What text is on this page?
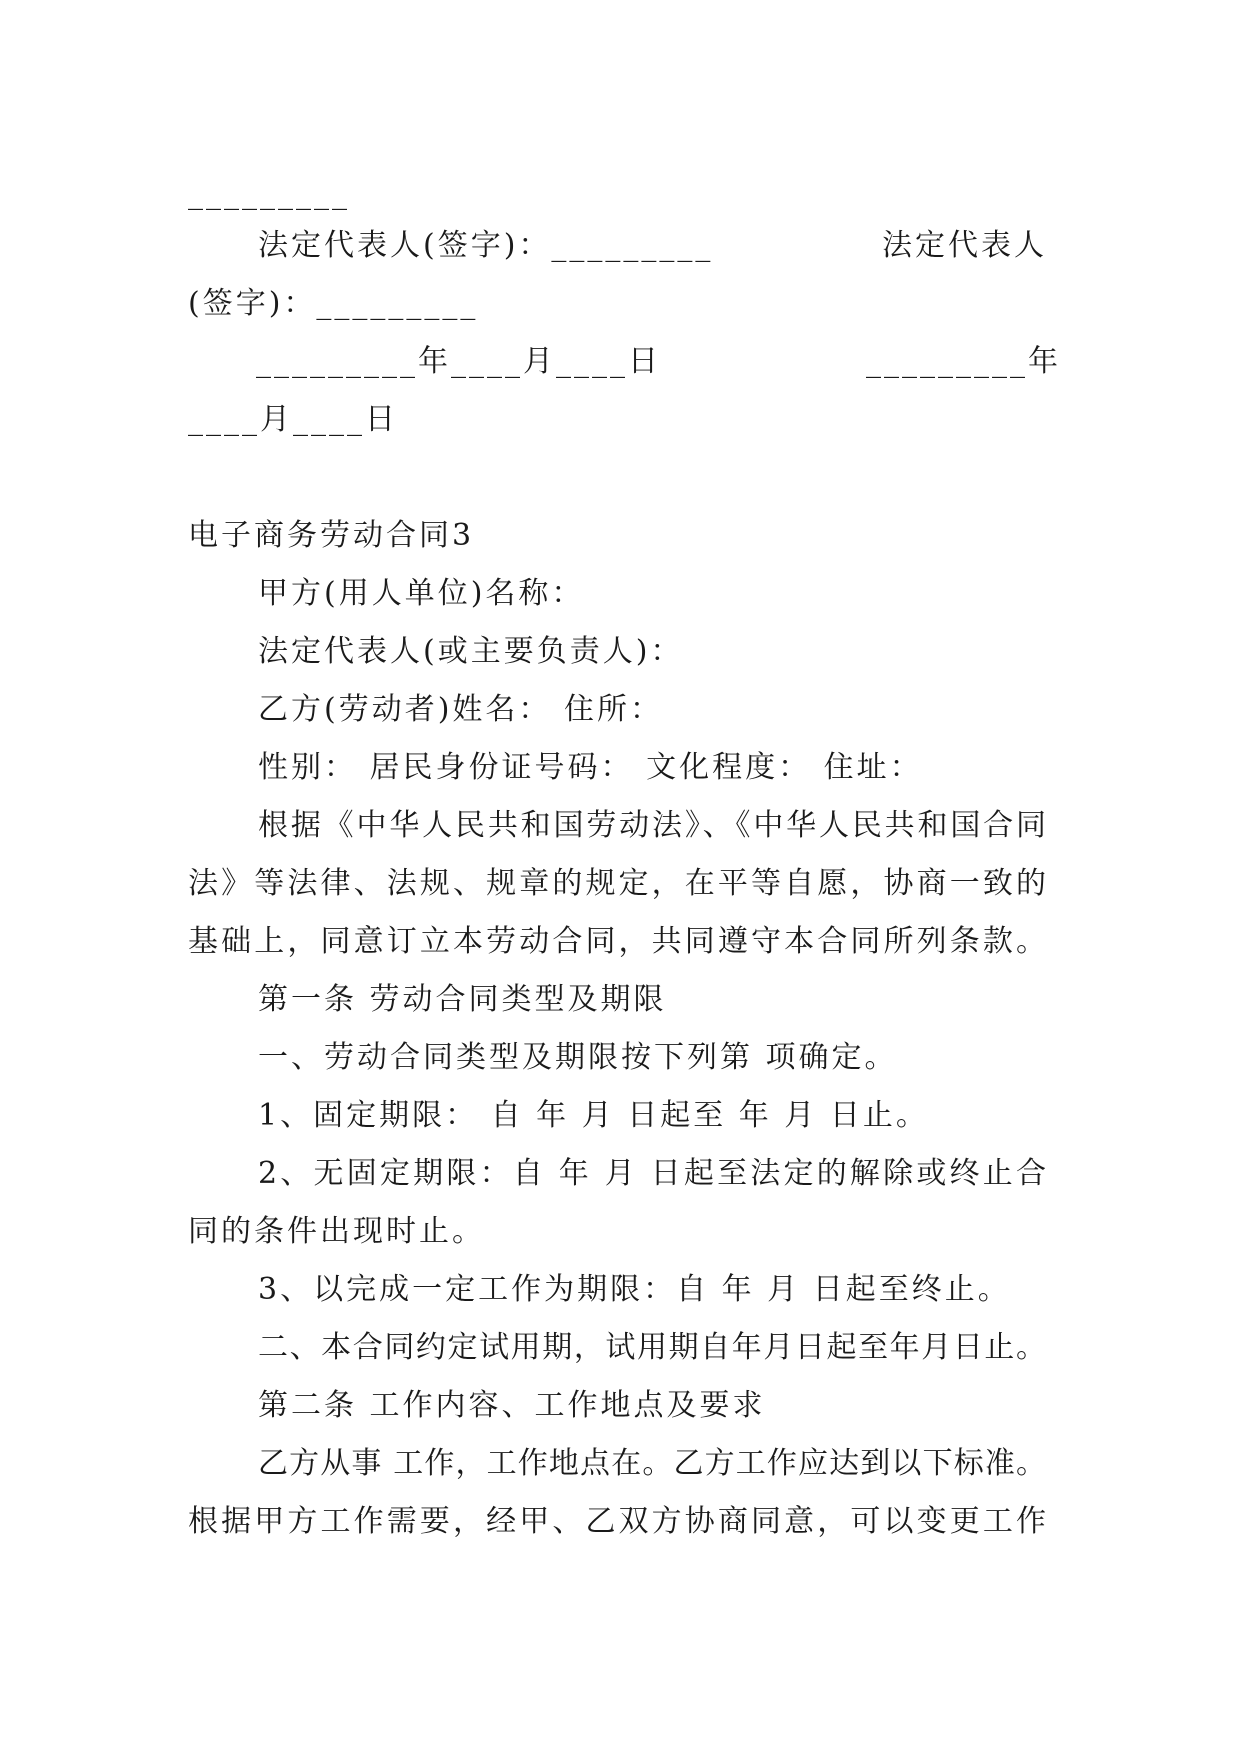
_________
法定代表人(签字)：_________	法定代表人
(签字)：_________
_________年____月____日	_________年
____月____日
电子商务劳动合同3
甲方(用人单位)名称：
法定代表人(或主要负责人)：
乙方(劳动者)姓名： 住所：
性别： 居民身份证号码： 文化程度： 住址：
根据《中华人民共和国劳动法》、《中华人民共和国合同
法》等法律、法规、规章的规定，在平等自愿，协商一致的
基础上，同意订立本劳动合同，共同遵守本合同所列条款。
第一条 劳动合同类型及期限
一、劳动合同类型及期限按下列第 项确定。
1、固定期限： 自 年 月 日起至 年 月 日止。
2、无固定期限：自 年 月 日起至法定的解除或终止合
同的条件出现时止。
3、以完成一定工作为期限：自 年 月 日起至终止。
二、本合同约定试用期，试用期自年月日起至年月日止。
第二条 工作内容、工作地点及要求
乙方从事 工作，工作地点在。乙方工作应达到以下标准。
根据甲方工作需要，经甲、乙双方协商同意，可以变更工作
